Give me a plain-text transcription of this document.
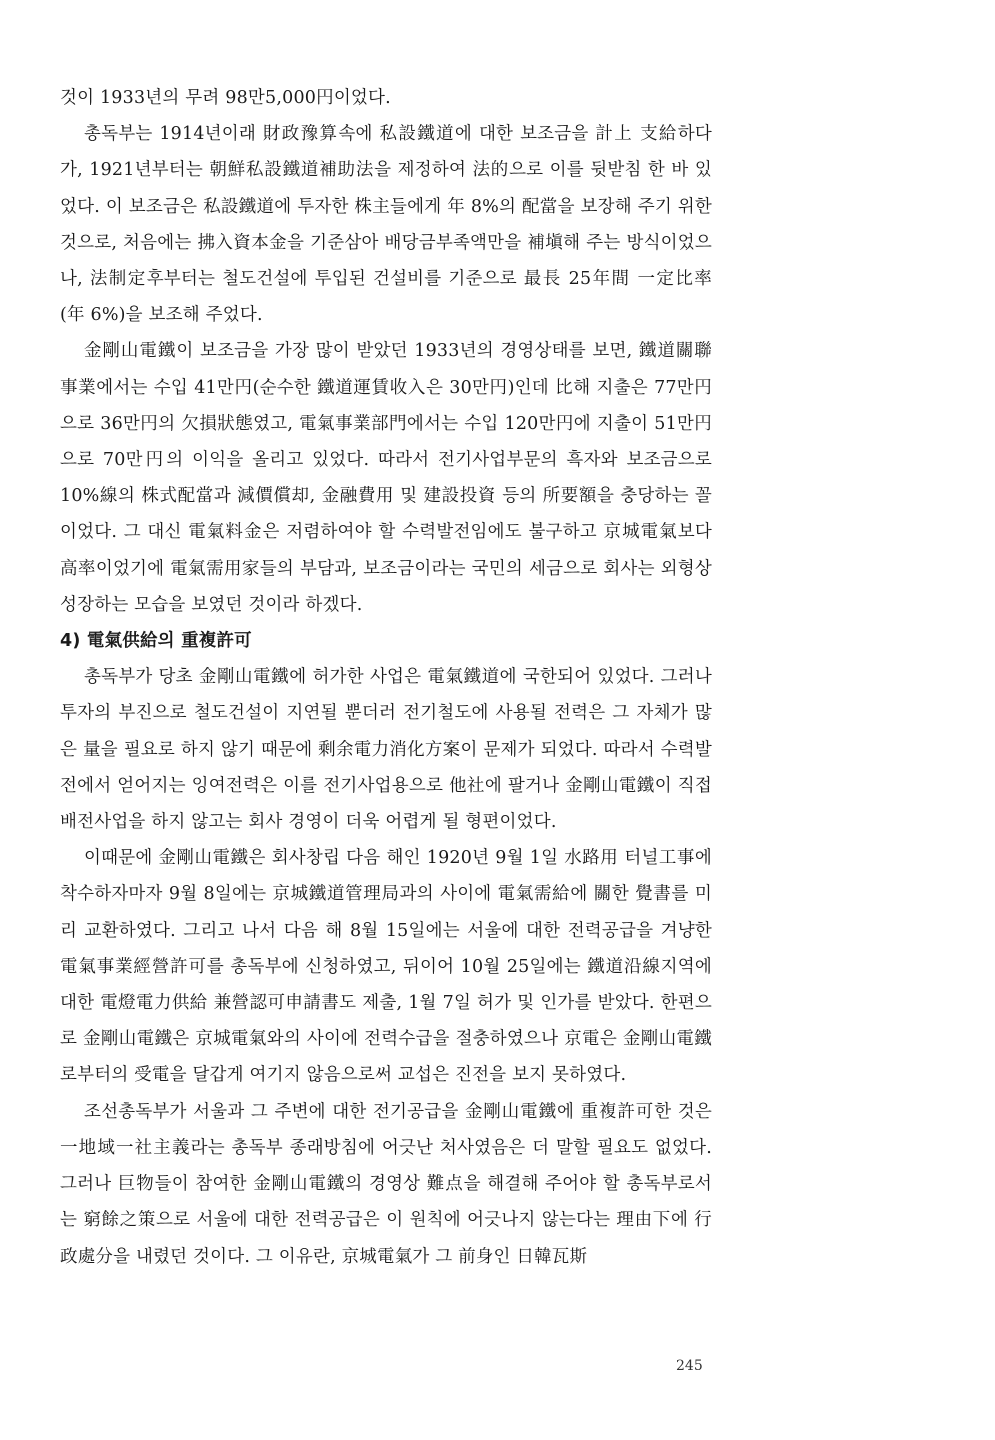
것이 1933년의 무려 98만5,000円이었다.

총독부는 1914년이래 財政豫算속에 私設鐵道에 대한 보조금을 計上 支給하다가, 1921년부터는 朝鮮私設鐵道補助法을 제정하여 法的으로 이를 뒷받침 한 바 있었다. 이 보조금은 私設鐵道에 투자한 株主들에게 年 8%의 配當을 보장해 주기 위한 것으로, 처음에는 拂入資本金을 기준삼아 배당금부족액만을 補塡해 주는 방식이었으나, 法制定후부터는 철도건설에 투입된 건설비를 기준으로 最長 25年間 一定比率(年 6%)을 보조해 주었다.

金剛山電鐵이 보조금을 가장 많이 받았던 1933년의 경영상태를 보면, 鐵道關聯事業에서는 수입 41만円(순수한 鐵道運賃收入은 30만円)인데 比해 지출은 77만円으로 36만円의 欠損狀態였고, 電氣事業部門에서는 수입 120만円에 지출이 51만円으로 70만円의 이익을 올리고 있었다. 따라서 전기사업부문의 흑자와 보조금으로 10%線의 株式配當과 減價償却, 金融費用 및 建設投資 등의 所要額을 충당하는 꼴이었다. 그 대신 電氣料金은 저렴하여야 할 수력발전임에도 불구하고 京城電氣보다 高率이었기에 電氣需用家들의 부담과, 보조금이라는 국민의 세금으로 회사는 외형상 성장하는 모습을 보였던 것이라 하겠다.

4) 電氣供給의 重複許可

총독부가 당초 金剛山電鐵에 허가한 사업은 電氣鐵道에 국한되어 있었다. 그러나 투자의 부진으로 철도건설이 지연될 뿐더러 전기철도에 사용될 전력은 그 자체가 많은 量을 필요로 하지 않기 때문에 剩余電力消化方案이 문제가 되었다. 따라서 수력발전에서 얻어지는 잉여전력은 이를 전기사업용으로 他社에 팔거나 金剛山電鐵이 직접 배전사업을 하지 않고는 회사 경영이 더욱 어렵게 될 형편이었다.

이때문에 金剛山電鐵은 회사창립 다음 해인 1920년 9월 1일 水路用 터널工事에 착수하자마자 9월 8일에는 京城鐵道管理局과의 사이에 電氣需給에 關한 覺書를 미리 교환하였다. 그리고 나서 다음 해 8월 15일에는 서울에 대한 전력공급을 겨냥한 電氣事業經營許可를 총독부에 신청하였고, 뒤이어 10월 25일에는 鐵道沿線지역에 대한 電燈電力供給 兼營認可申請書도 제출, 1월 7일 허가 및 인가를 받았다. 한편으로 金剛山電鐵은 京城電氣와의 사이에 전력수급을 절충하였으나 京電은 金剛山電鐵로부터의 受電을 달갑게 여기지 않음으로써 교섭은 진전을 보지 못하였다.

조선총독부가 서울과 그 주변에 대한 전기공급을 金剛山電鐵에 重複許可한 것은 一地域一社主義라는 총독부 종래방침에 어긋난 처사였음은 더 말할 필요도 없었다. 그러나 巨物들이 참여한 金剛山電鐵의 경영상 難点을 해결해 주어야 할 총독부로서는 窮餘之策으로 서울에 대한 전력공급은 이 원칙에 어긋나지 않는다는 理由下에 行政處分을 내렸던 것이다. 그 이유란, 京城電氣가 그 前身인 日韓瓦斯

245
